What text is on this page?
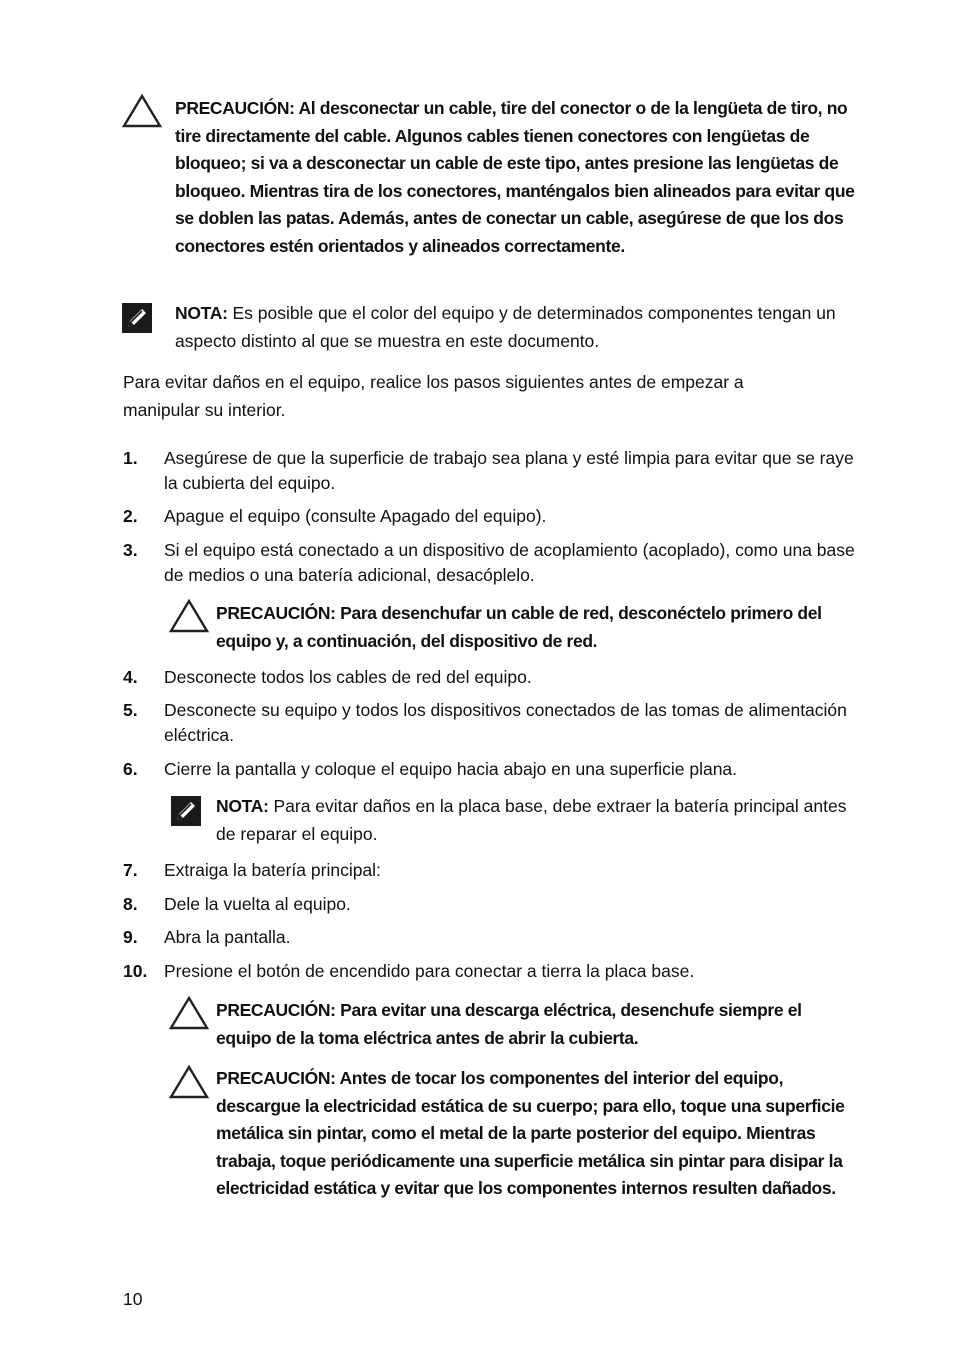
PRECAUCIÓN: Al desconectar un cable, tire del conector o de la lengüeta de tiro, no tire directamente del cable. Algunos cables tienen conectores con lengüetas de bloqueo; si va a desconectar un cable de este tipo, antes presione las lengüetas de bloqueo. Mientras tira de los conectores, manténgalos bien alineados para evitar que se doblen las patas. Además, antes de conectar un cable, asegúrese de que los dos conectores estén orientados y alineados correctamente.
NOTA: Es posible que el color del equipo y de determinados componentes tengan un aspecto distinto al que se muestra en este documento.
Para evitar daños en el equipo, realice los pasos siguientes antes de empezar a manipular su interior.
1. Asegúrese de que la superficie de trabajo sea plana y esté limpia para evitar que se raye la cubierta del equipo.
2. Apague el equipo (consulte Apagado del equipo).
3. Si el equipo está conectado a un dispositivo de acoplamiento (acoplado), como una base de medios o una batería adicional, desacóplelo.
PRECAUCIÓN: Para desenchufar un cable de red, desconéctelo primero del equipo y, a continuación, del dispositivo de red.
4. Desconecte todos los cables de red del equipo.
5. Desconecte su equipo y todos los dispositivos conectados de las tomas de alimentación eléctrica.
6. Cierre la pantalla y coloque el equipo hacia abajo en una superficie plana.
NOTA: Para evitar daños en la placa base, debe extraer la batería principal antes de reparar el equipo.
7. Extraiga la batería principal:
8. Dele la vuelta al equipo.
9. Abra la pantalla.
10. Presione el botón de encendido para conectar a tierra la placa base.
PRECAUCIÓN: Para evitar una descarga eléctrica, desenchufe siempre el equipo de la toma eléctrica antes de abrir la cubierta.
PRECAUCIÓN: Antes de tocar los componentes del interior del equipo, descargue la electricidad estática de su cuerpo; para ello, toque una superficie metálica sin pintar, como el metal de la parte posterior del equipo. Mientras trabaja, toque periódicamente una superficie metálica sin pintar para disipar la electricidad estática y evitar que los componentes internos resulten dañados.
10
